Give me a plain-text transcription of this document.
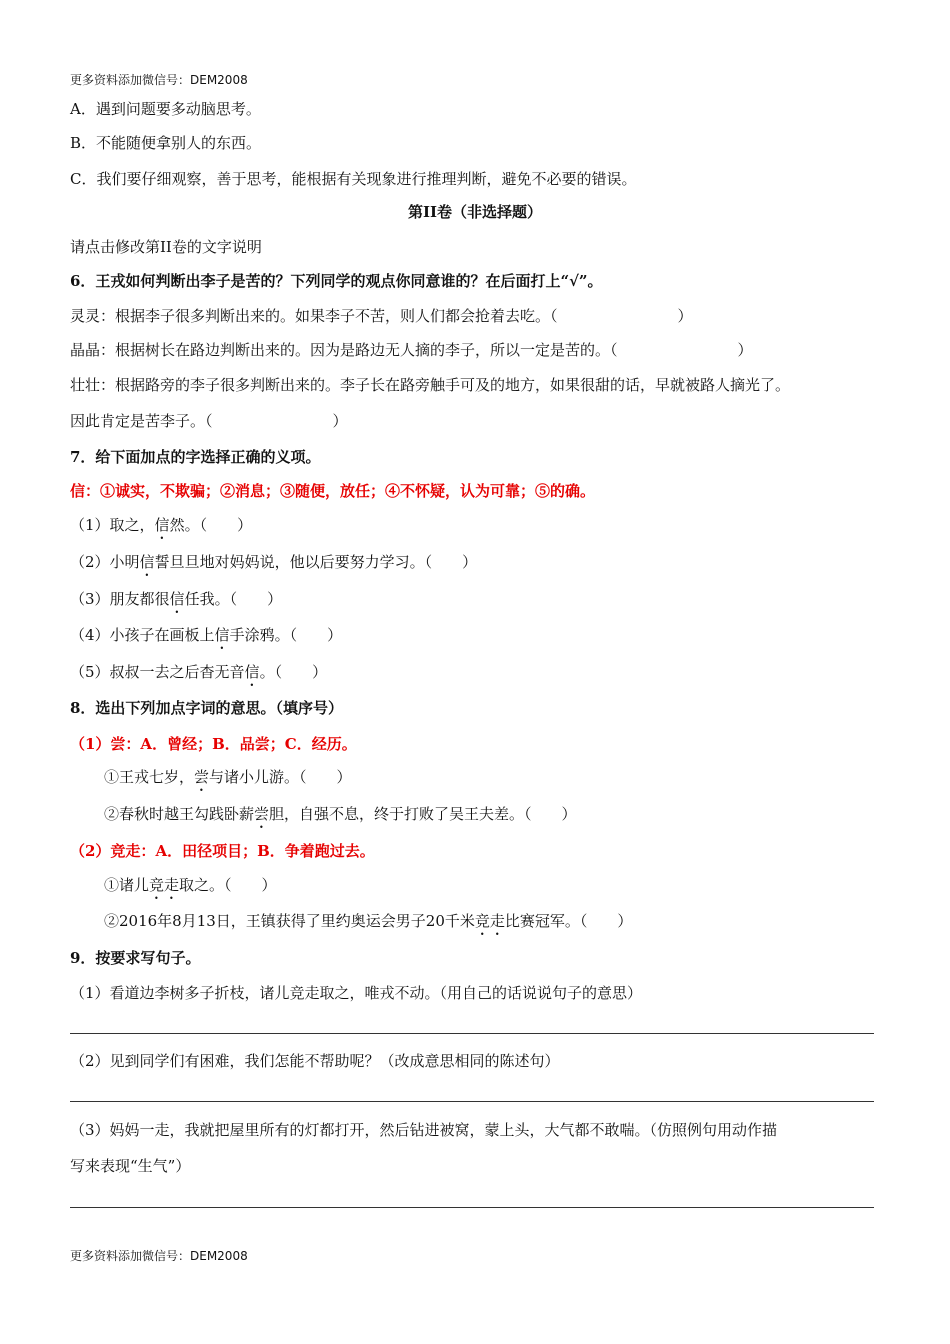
更多资料添加微信号：DEM2008
A．遇到问题要多动脑思考。
B．不能随便拿别人的东西。
C．我们要仔细观察，善于思考，能根据有关现象进行推理判断，避免不必要的错误。
第II卷（非选择题）
请点击修改第II卷的文字说明
6．王戎如何判断出李子是苦的？下列同学的观点你同意谁的？在后面打上“√”。
灵灵：根据李子很多判断出来的。如果李子不苦，则人们都会抢着去吃。（　　　　　　　　）
晶晶：根据树长在路边判断出来的。因为是路边无人摘的李子，所以一定是苦的。（　　　　　　　　）
壮壮：根据路旁的李子很多判断出来的。李子长在路旁触手可及的地方，如果很甜的话，早就被路人摘光了。
因此肯定是苦李子。（　　　　　　　　）
7．给下面加点的字选择正确的义项。
信：①诚实，不欺骗；②消息；③随便，放任；④不怀疑，认为可靠；⑤的确。
（1）取之，信然。（　　）
（2）小明信誓旦旦地对妈妈说，他以后要努力学习。（　　）
（3）朋友都很信任我。（　　）
（4）小孩子在画板上信手涂鸦。（　　）
（5）叔叔一去之后杳无音信。（　　）
8．选出下列加点字词的意思。（填序号）
（1）尝：A．曾经；B．品尝；C．经历。
①王戎七岁，尝与诸小儿游。（　　）
②春秋时越王勾践卧薪尝胆，自强不息，终于打败了吴王夫差。（　　）
（2）竞走：A．田径项目；B．争着跑过去。
①诸儿竞走取之。（　　）
②2016年8月13日，王镇获得了里约奥运会男子20千米竞走比赛冠军。（　　）
9．按要求写句子。
（1）看道边李树多子折枝，诸儿竞走取之，唯戎不动。（用自己的话说说句子的意思）
（2）见到同学们有困难，我们怎能不帮助呢？（改成意思相同的陈述句）
（3）妈妈一走，我就把屋里所有的灯都打开，然后钻进被窝，蒙上头，大气都不敢喘。（仿照例句用动作描
写来表现“生气”）
更多资料添加微信号：DEM2008
